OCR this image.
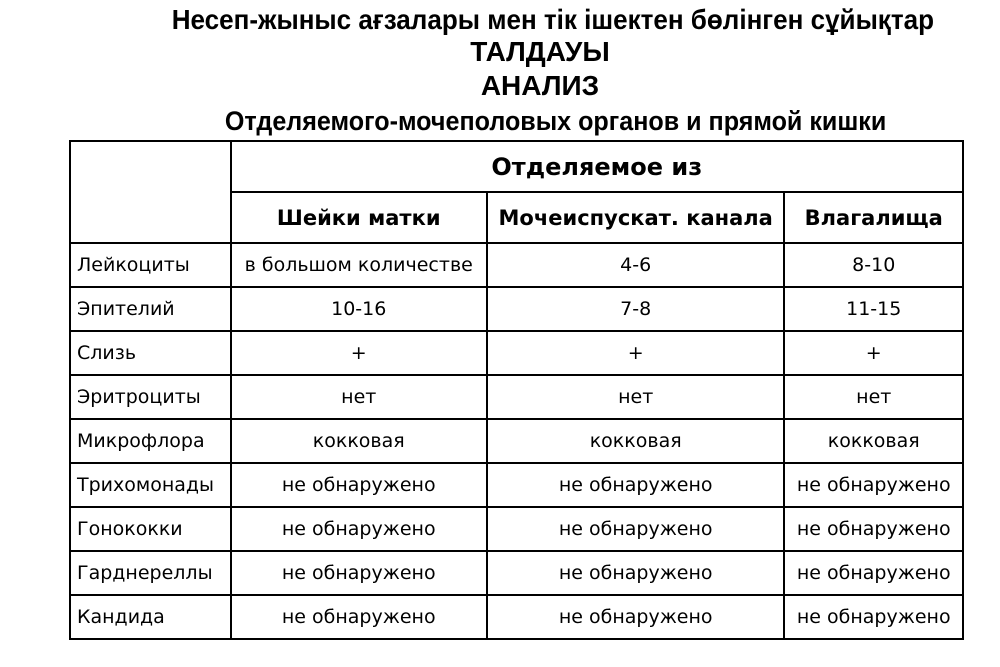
Несеп-жыныс ағзалары мен тік ішектен бөлінген сұйықтар
ТАЛДАУЫ
АНАЛИЗ
Отделяемого-мочеполовых органов и прямой кишки
	Отделяемое из		
	Шейки матки	Мочеиспускат. канала	Влагалища
Лейкоциты	в большом количестве	4-6	8-10
Эпителий	10-16	7-8	11-15
Слизь	+	+	+
Эритроциты	нет	нет	нет
Микрофлора	кокковая	кокковая	кокковая
Трихомонады	не обнаружено	не обнаружено	не обнаружено
Гонококки	не обнаружено	не обнаружено	не обнаружено
Гарднереллы	не обнаружено	не обнаружено	не обнаружено
Кандида	не обнаружено	не обнаружено	не обнаружено
